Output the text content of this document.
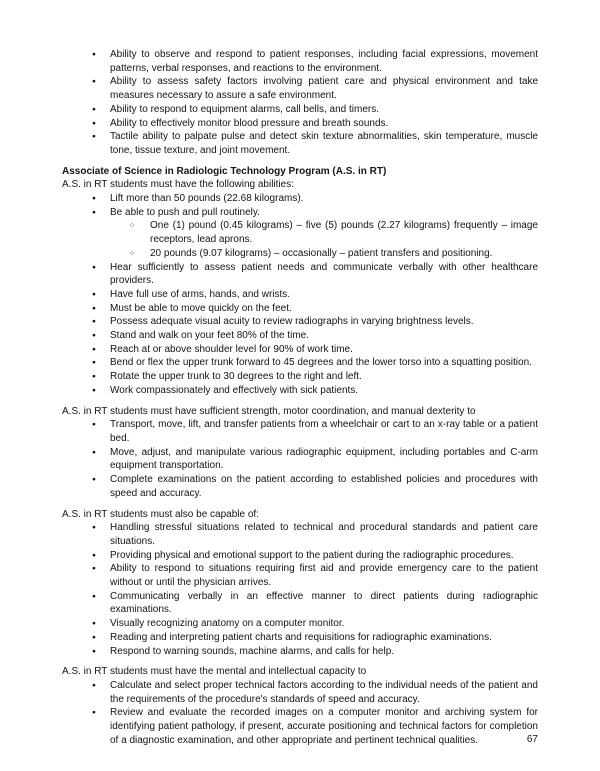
● Ability to observe and respond to patient responses, including facial expressions, movement patterns, verbal responses, and reactions to the environment.
● Ability to assess safety factors involving patient care and physical environment and take measures necessary to assure a safe environment.
● Ability to respond to equipment alarms, call bells, and timers.
● Ability to effectively monitor blood pressure and breath sounds.
● Tactile ability to palpate pulse and detect skin texture abnormalities, skin temperature, muscle tone, tissue texture, and joint movement.

Associate of Science in Radiologic Technology Program (A.S. in RT)

A.S. in RT students must have the following abilities:

● Lift more than 50 pounds (22.68 kilograms).
● Be able to push and pull routinely.
○ One (1) pound (0.45 kilograms) – five (5) pounds (2.27 kilograms) frequently – image receptors, lead aprons.
○ 20 pounds (9.07 kilograms) – occasionally – patient transfers and positioning.
● Hear sufficiently to assess patient needs and communicate verbally with other healthcare providers.
● Have full use of arms, hands, and wrists.
● Must be able to move quickly on the feet.
● Possess adequate visual acuity to review radiographs in varying brightness levels.
● Stand and walk on your feet 80% of the time.
● Reach at or above shoulder level for 90% of work time.
● Bend or flex the upper trunk forward to 45 degrees and the lower torso into a squatting position.
● Rotate the upper trunk to 30 degrees to the right and left.
● Work compassionately and effectively with sick patients.

A.S. in RT students must have sufficient strength, motor coordination, and manual dexterity to

● Transport, move, lift, and transfer patients from a wheelchair or cart to an x-ray table or a patient bed.
● Move, adjust, and manipulate various radiographic equipment, including portables and C-arm equipment transportation.
● Complete examinations on the patient according to established policies and procedures with speed and accuracy.

A.S. in RT students must also be capable of:

● Handling stressful situations related to technical and procedural standards and patient care situations.
● Providing physical and emotional support to the patient during the radiographic procedures.
● Ability to respond to situations requiring first aid and provide emergency care to the patient without or until the physician arrives.
● Communicating verbally in an effective manner to direct patients during radiographic examinations.
● Visually recognizing anatomy on a computer monitor.
● Reading and interpreting patient charts and requisitions for radiographic examinations.
● Respond to warning sounds, machine alarms, and calls for help.

A.S. in RT students must have the mental and intellectual capacity to

● Calculate and select proper technical factors according to the individual needs of the patient and the requirements of the procedure's standards of speed and accuracy.
● Review and evaluate the recorded images on a computer monitor and archiving system for identifying patient pathology, if present, accurate positioning and technical factors for completion of a diagnostic examination, and other appropriate and pertinent technical qualities.	67
